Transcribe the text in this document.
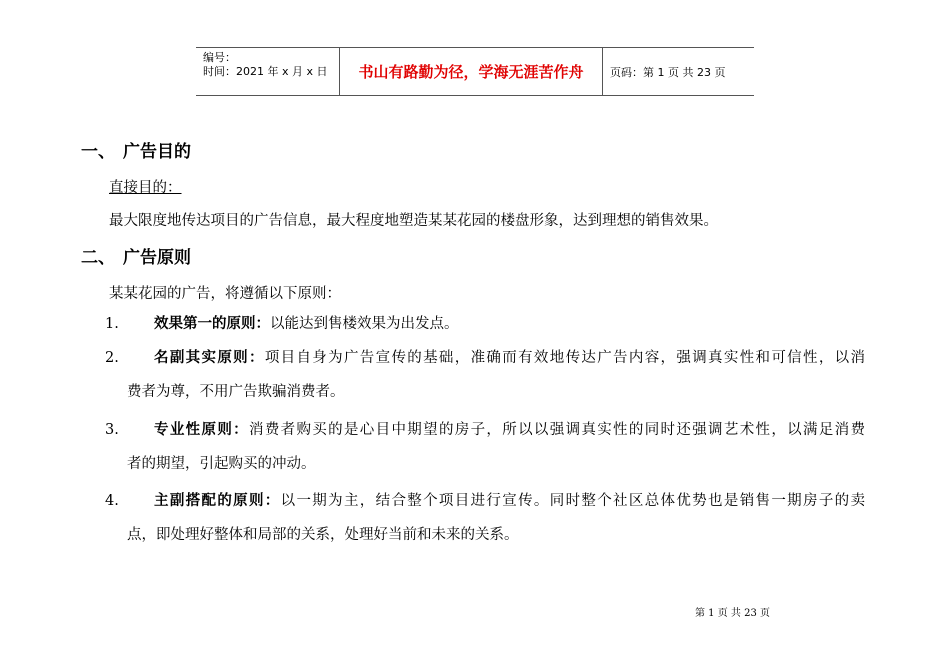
编号：
时间：2021 年 x 月 x 日	书山有路勤为径，学海无涯苦作舟	页码：第 1 页 共 23 页
一、 广告目的
直接目的：
最大限度地传达项目的广告信息，最大程度地塑造某某花园的楼盘形象，达到理想的销售效果。
二、 广告原则
某某花园的广告，将遵循以下原则：
1.	效果第一的原则：以能达到售楼效果为出发点。
2.	名副其实原则：项目自身为广告宣传的基础，准确而有效地传达广告内容，强调真实性和可信性，以消
费者为尊，不用广告欺骗消费者。
3.	专业性原则：消费者购买的是心目中期望的房子，所以以强调真实性的同时还强调艺术性，以满足消费
者的期望，引起购买的冲动。
4.	主副搭配的原则：以一期为主，结合整个项目进行宣传。同时整个社区总体优势也是销售一期房子的卖
点，即处理好整体和局部的关系，处理好当前和未来的关系。
第 1 页 共 23 页
